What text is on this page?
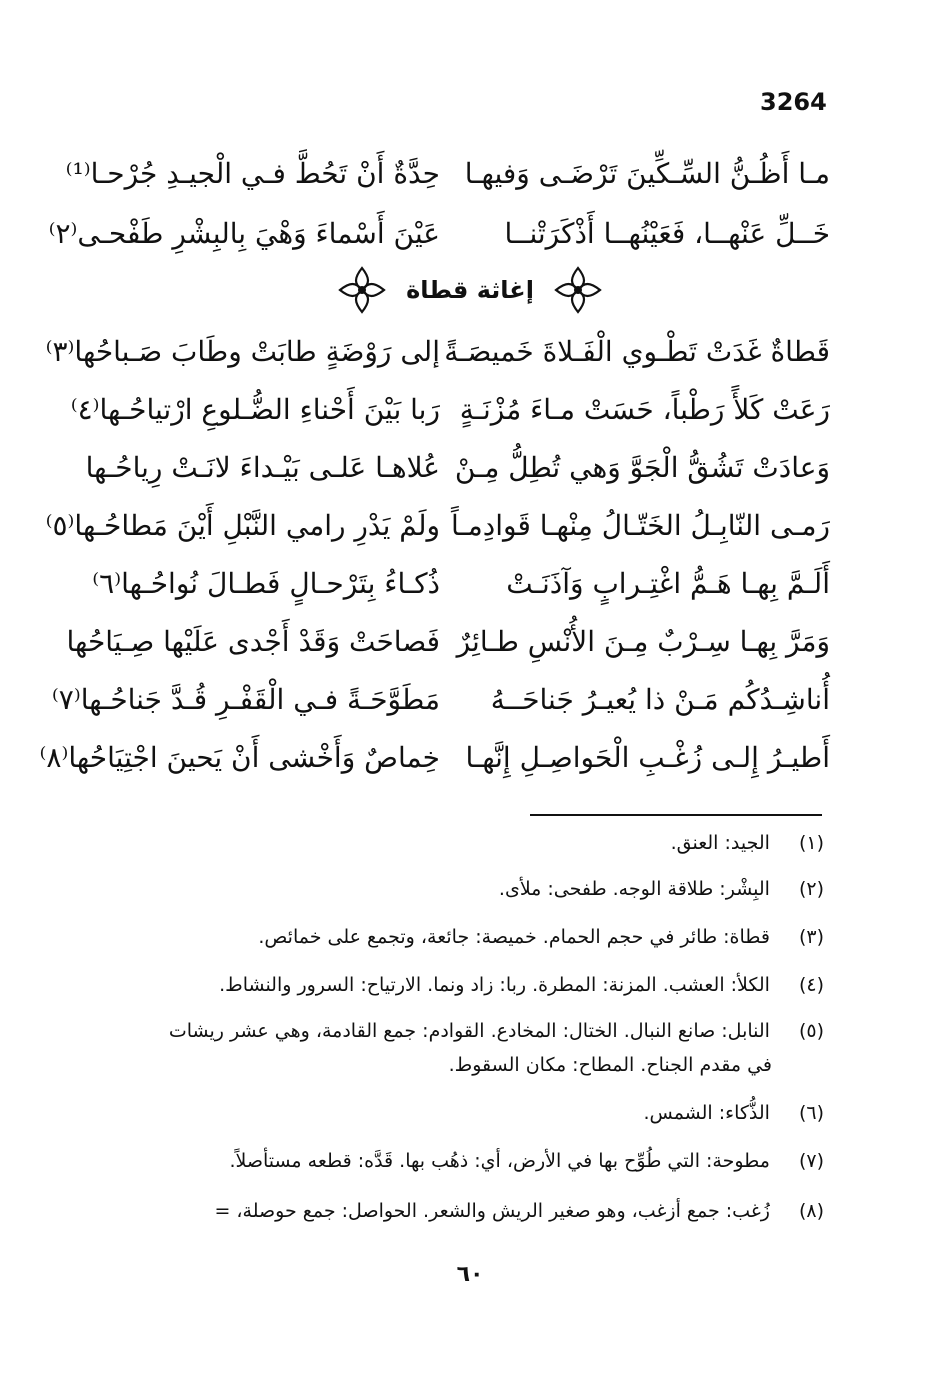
3264
مـا أَظُـنُّ السِّـكِّينَ تَرْضَـى وَفيهـا
حِدَّةٌ أَنْ تَحُطَّ فـي الْجيـدِ جُرْحـا⁽¹⁾
خَــلِّ عَنْهــا، فَعَيْنُهــا أَذْكَرَتْنــا
عَيْنَ أَسْماءَ وَهْيَ بِالبِشْرِ طَفْحـى⁽٢⁾
إغاثة قطاة
قَطاةٌ غَدَتْ تَطْـوي الْفَـلاةَ خَميصَـةً
إلى رَوْضَةٍ طابَتْ وطَابَ صَـباحُها⁽٣⁾
رَعَتْ كَلأً رَطْباً، حَسَتْ مـاءَ مُزْنَـةٍ
رَبا بَيْنَ أَحْناءِ الضُّـلوعِ ارْتياحُـها⁽٤⁾
وَعادَتْ تَشُقُّ الْجَوَّ وَهي تُطِلُّ مِـنْ
عُلاهـا عَلـى بَيْـداءَ لانَـتْ رِياحُـها
رَمـى النّابِـلُ الخَتّـالُ مِنْهـا قَوادِمـاً
ولَمْ يَدْرِ رامي النَّبْلِ أَيْنَ مَطاحُـها⁽٥⁾
أَلَـمَّ بِهـا هَـمُّ اغْتِـرابٍ وَآذَنَـتْ
ذُكـاءُ بِتَرْحـالٍ فَطـالَ نُواحُـها⁽٦⁾
وَمَرَّ بِهـا سِـرْبٌ مِـنَ الأُنْسِ طـائِرٌ
فَصاحَتْ وَقَدْ أَجْدى عَلَيْها صِـيَاحُها
أُناشِـدُكُم مَـنْ ذا يُعيـرُ جَناحَــهُ
مَطَوَّحَـةً فـي الْقَفْـرِ قُـدَّ جَناحُـها⁽٧⁾
أَطيـرُ إِلـى زُغْـبِ الْحَواصِـلِ إِنَّهـا
خِماصٌ وَأَخْشى أَنْ يَحينَ اجْتِيَاحُها⁽٨⁾
(١) الجيد: العنق.
(٢) البِشْر: طلاقة الوجه. طفحى: ملأى.
(٣) قطاة: طائر في حجم الحمام. خميصة: جائعة، وتجمع على خمائص.
(٤) الكلأ: العشب. المزنة: المطرة. ربا: زاد ونما. الارتياح: السرور والنشاط.
(٥) النابل: صانع النبال. الختال: المخادع. القوادم: جمع القادمة، وهي عشر ريشات
في مقدم الجناح. المطاح: مكان السقوط.
(٦) الذُّكاء: الشمس.
(٧) مطوحة: التي طُوِّح بها في الأرض، أي: ذهُب بها. قَدَّه: قطعه مستأصلاً.
(٨) زُغب: جمع أزغب، وهو صغير الريش والشعر. الحواصل: جمع حوصلة، =
٦٠
